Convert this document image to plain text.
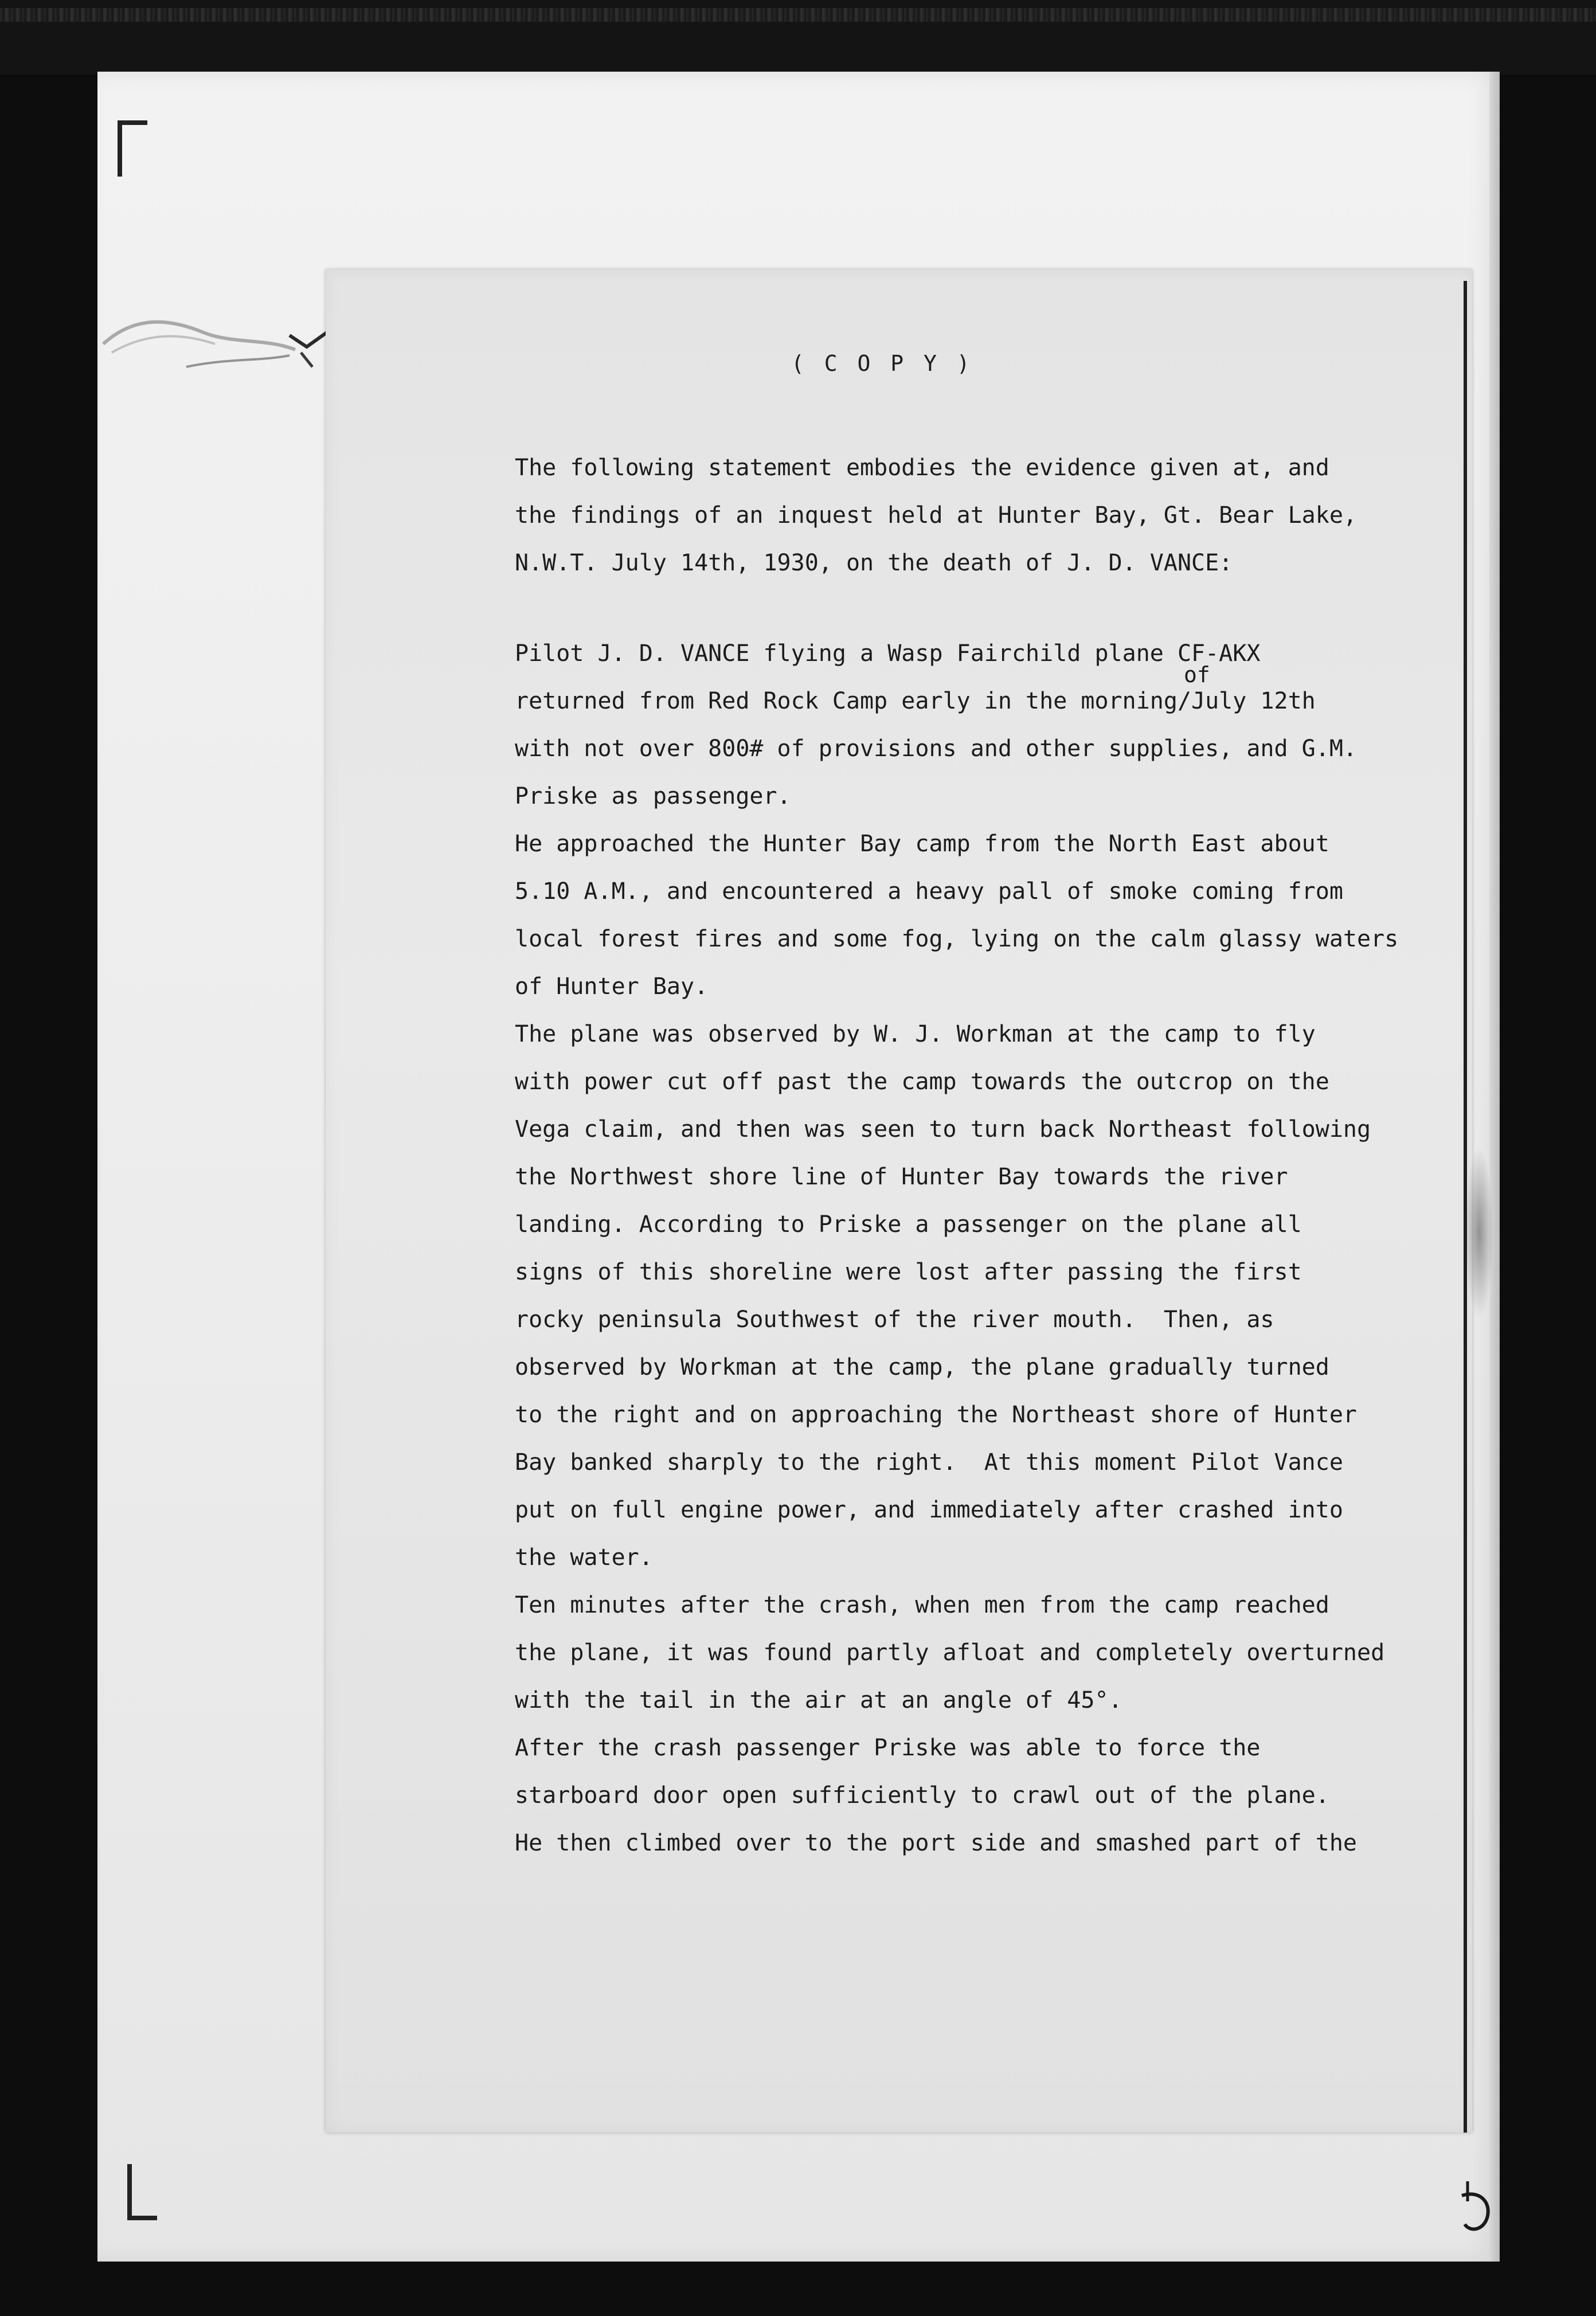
( C O P Y )
of
The following statement embodies the evidence given at, and
the findings of an inquest held at Hunter Bay, Gt. Bear Lake,
N.W.T. July 14th, 1930, on the death of J. D. VANCE:
Pilot J. D. VANCE flying a Wasp Fairchild plane CF-AKX
returned from Red Rock Camp early in the morning/July 12th
with not over 800# of provisions and other supplies, and G.M.
Priske as passenger.
He approached the Hunter Bay camp from the North East about
5.10 A.M., and encountered a heavy pall of smoke coming from
local forest fires and some fog, lying on the calm glassy waters
of Hunter Bay.
The plane was observed by W. J. Workman at the camp to fly
with power cut off past the camp towards the outcrop on the
Vega claim, and then was seen to turn back Northeast following
the Northwest shore line of Hunter Bay towards the river
landing. According to Priske a passenger on the plane all
signs of this shoreline were lost after passing the first
rocky peninsula Southwest of the river mouth.  Then, as
observed by Workman at the camp, the plane gradually turned
to the right and on approaching the Northeast shore of Hunter
Bay banked sharply to the right.  At this moment Pilot Vance
put on full engine power, and immediately after crashed into
the water.
Ten minutes after the crash, when men from the camp reached
the plane, it was found partly afloat and completely overturned
with the tail in the air at an angle of 45°.
After the crash passenger Priske was able to force the
starboard door open sufficiently to crawl out of the plane.
He then climbed over to the port side and smashed part of the
